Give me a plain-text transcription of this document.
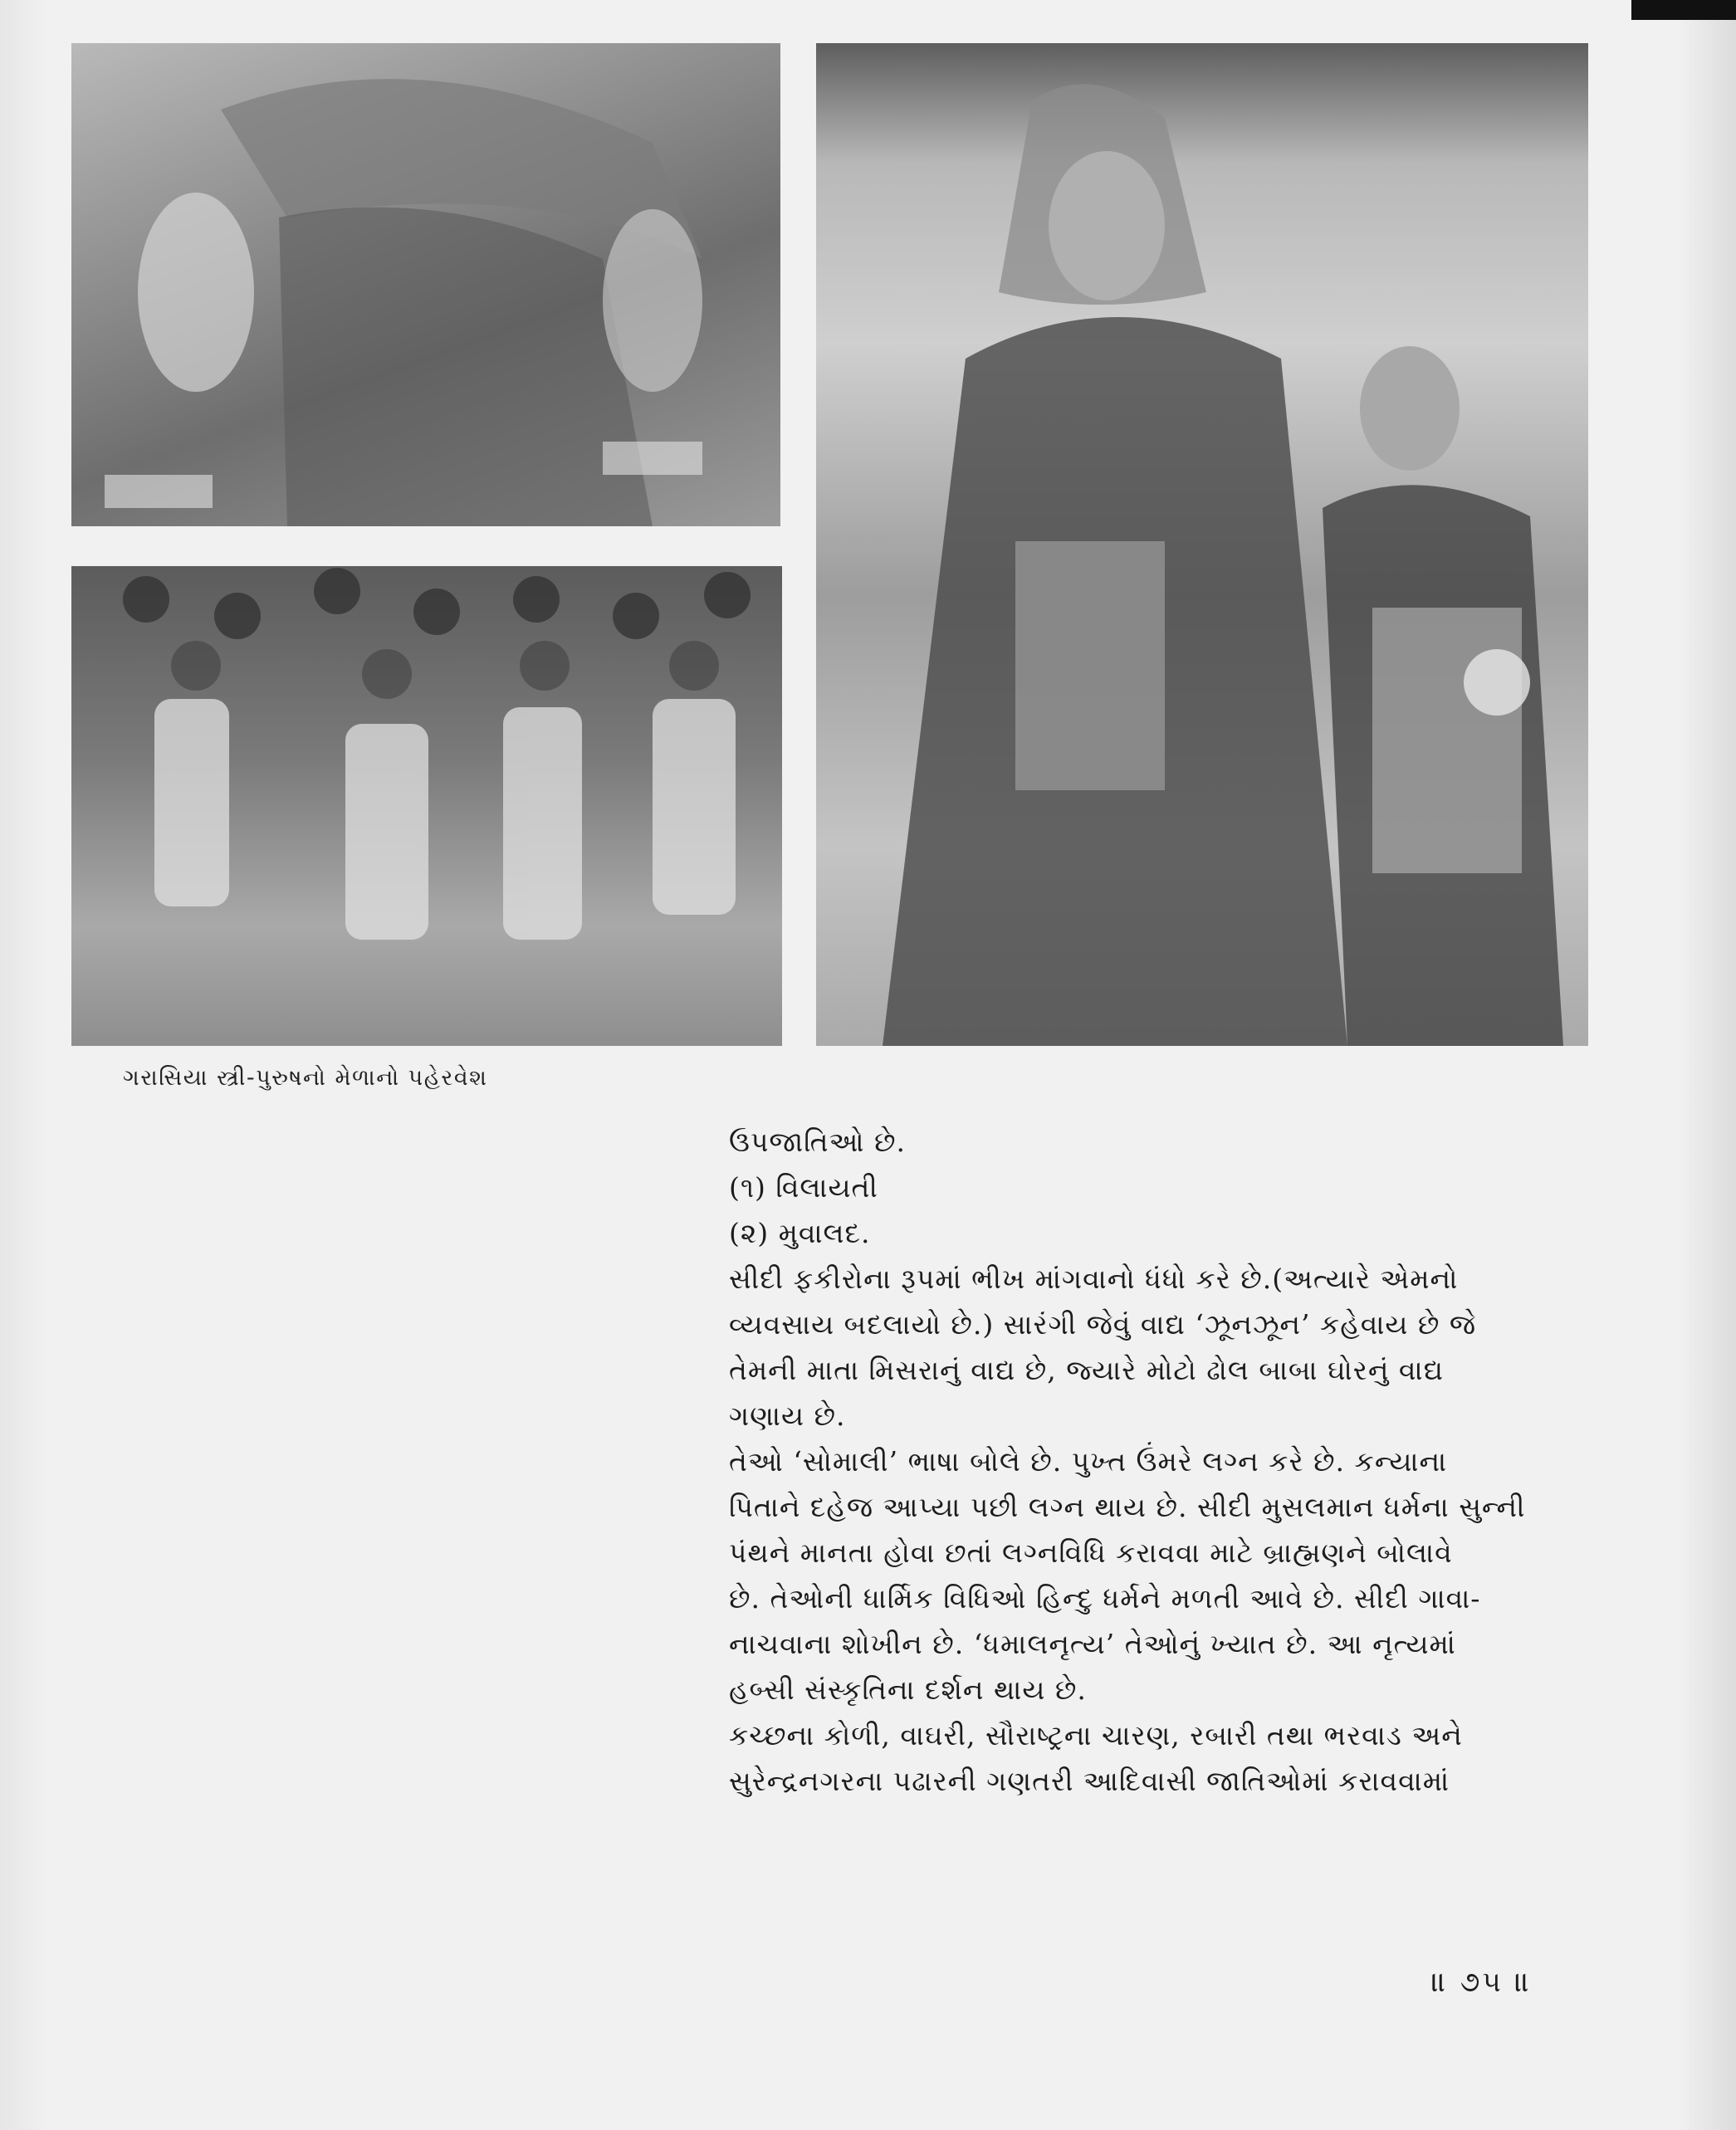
ગરાસિયા સ્ત્રી-પુરુષનો મેળાનો પહેરવેશ
ઉપજાતિઓ છે.
(૧) વિલાયતી
(૨) મુવાલદ.
સીદી ફકીરોના રૂપમાં ભીખ માંગવાનો ધંધો કરે છે.(અત્યારે એમનો
વ્યવસાય બદલાયો છે.) સારંગી જેવું વાદ્ય ‘ઝૂનઝૂન’ કહેવાય છે જે
તેમની માતા મિસરાનું વાદ્ય છે, જ્યારે મોટો ઢોલ બાબા ઘોરનું વાદ્ય
ગણાય છે.
તેઓ ‘સોમાલી’ ભાષા બોલે છે. પુખ્ત ઉંમરે લગ્ન કરે છે. કન્યાના
પિતાને દહેજ આપ્યા પછી લગ્ન થાય છે. સીદી મુસલમાન ધર્મના સુન્ની
પંથને માનતા હોવા છતાં લગ્નવિધિ કરાવવા માટે બ્રાહ્મણને બોલાવે
છે. તેઓની ધાર્મિક વિધિઓ હિન્દુ ધર્મને મળતી આવે છે. સીદી ગાવા-
નાચવાના શોખીન છે. ‘ધમાલનૃત્ય’ તેઓનું ખ્યાત છે. આ નૃત્યમાં
હબ્સી સંસ્કૃતિના દર્શન થાય છે.
કચ્છના કોળી, વાઘરી, સૌરાષ્ટ્રના ચારણ, રબારી તથા ભરવાડ અને
સુરેન્દ્રનગરના પઢારની ગણતરી આદિવાસી જાતિઓમાં કરાવવામાં
॥ ૭૫ ॥
